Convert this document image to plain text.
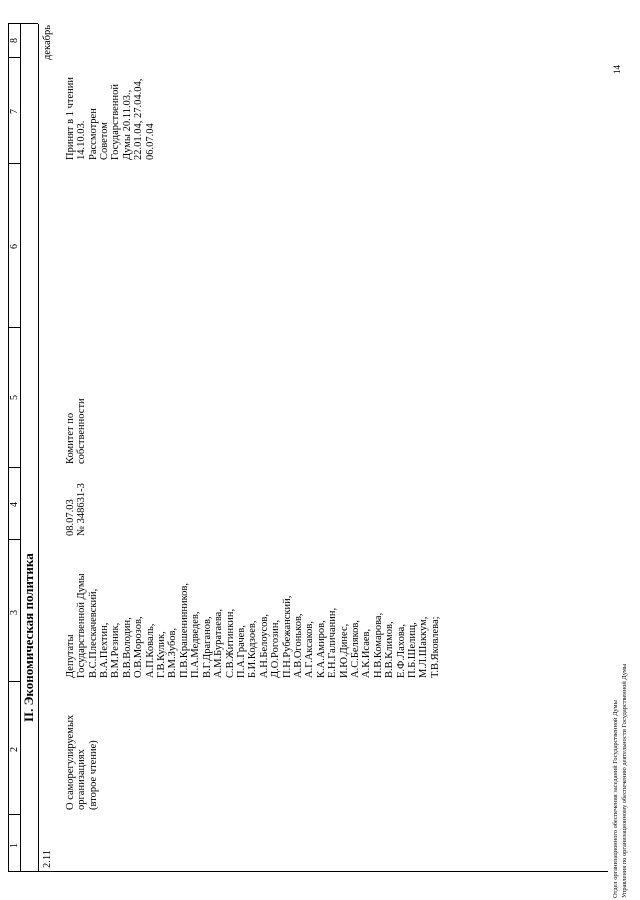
1
2
3
4
5
6
7
8
II. Экономическая политика
2.11

О саморегулируемых организациях (второе чтение)

Депутаты Государственной Думы В.С.Плескачевский, В.А.Пехтин, В.М.Резник, В.В.Володин, О.В.Морозов, А.П.Коваль, Г.В.Кулик, В.М.Зубов, П.В.Крашенинников, П.А.Медведев, В.Г.Драганов, А.М.Буратаева, С.В.Житинкин, П.А.Грачев, Б.И.Кодзоев, А.Н.Белоусов, Д.О.Рогозин, П.Н.Рубежанский, А.В.Огоньков, А.Г.Аксаков, К.А.Амиров, Е.Н.Галичанин, И.Ю.Динес, А.С.Беляков, А.К.Исаев, Н.В.Комарова, В.В.Климов, Е.Ф.Лахова, П.Б.Шелищ, М.Л.Шаккум, Т.В.Яковлева;

08.07.03 № 348631-3

Комитет по собственности

Принят в 1 чтении 14.10.03. Рассмотрен Советом Государственной Думы 20.11.03., 22.01.04, 27.04.04, 06.07.04

декабрь
Отдел организационного обеспечения заседаний Государственной Думы Управления по организационному обеспечению деятельности Государственной Думы
14
